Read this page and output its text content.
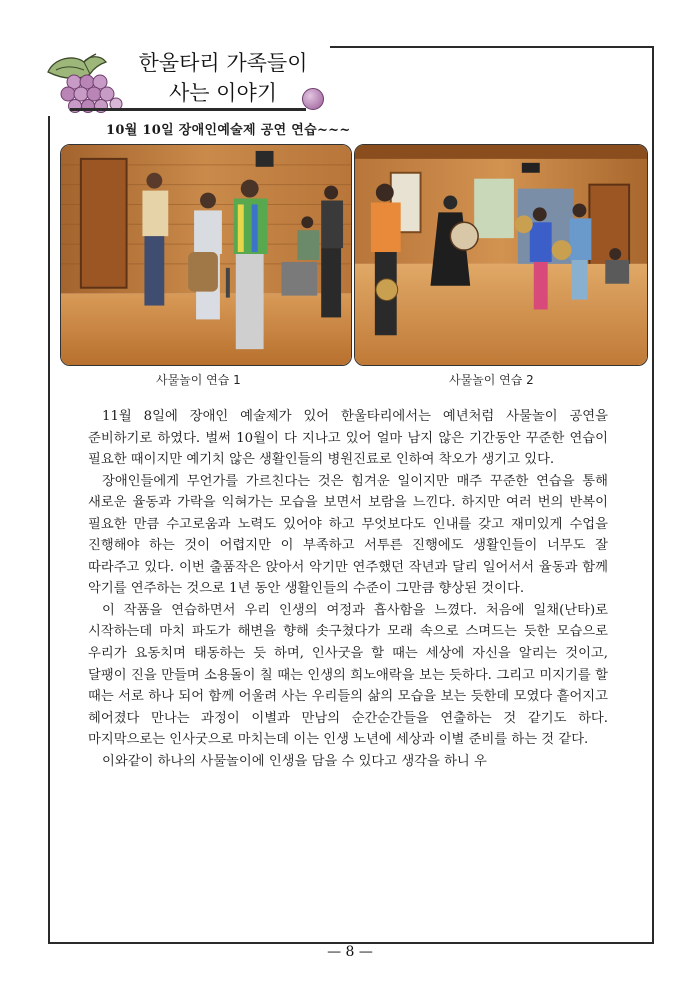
한울타리 가족들이
사는 이야기
10월 10일 장애인예술제 공연 연습~~~
사물놀이 연습 1	사물놀이 연습 2

11월 8일에 장애인 예술제가 있어 한울타리에서는 예년처럼 사물놀이 공연을 준비하기로 하였다. 벌써 10월이 다 지나고 있어 얼마 남지 않은 기간동안 꾸준한 연습이 필요한 때이지만 예기치 않은 생활인들의 병원진료로 인하여 착오가 생기고 있다.

장애인들에게 무언가를 가르친다는 것은 힘겨운 일이지만 매주 꾸준한 연습을 통해 새로운 율동과 가락을 익혀가는 모습을 보면서 보람을 느낀다. 하지만 여러 번의 반복이 필요한 만큼 수고로움과 노력도 있어야 하고 무엇보다도 인내를 갖고 재미있게 수업을 진행해야 하는 것이 어렵지만 이 부족하고 서투른 진행에도 생활인들이 너무도 잘 따라주고 있다. 이번 출품작은 앉아서 악기만 연주했던 작년과 달리 일어서서 율동과 함께 악기를 연주하는 것으로 1년 동안 생활인들의 수준이 그만큼 향상된 것이다.

이 작품을 연습하면서 우리 인생의 여정과 흡사함을 느꼈다. 처음에 일채(난타)로 시작하는데 마치 파도가 해변을 향해 솟구쳤다가 모래 속으로 스며드는 듯한 모습으로 우리가 요동치며 태동하는 듯 하며, 인사굿을 할 때는 세상에 자신을 알리는 것이고, 달팽이 진을 만들며 소용돌이 칠 때는 인생의 희노애락을 보는 듯하다. 그리고 미지기를 할 때는 서로 하나 되어 함께 어울려 사는 우리들의 삶의 모습을 보는 듯한데 모였다 흩어지고 헤어졌다 만나는 과정이 이별과 만남의 순간순간들을 연출하는 것 같기도 하다. 마지막으로는 인사굿으로 마치는데 이는 인생 노년에 세상과 이별 준비를 하는 것 같다.

이와같이 하나의 사물놀이에 인생을 담을 수 있다고 생각을 하니 우

— 8 —
